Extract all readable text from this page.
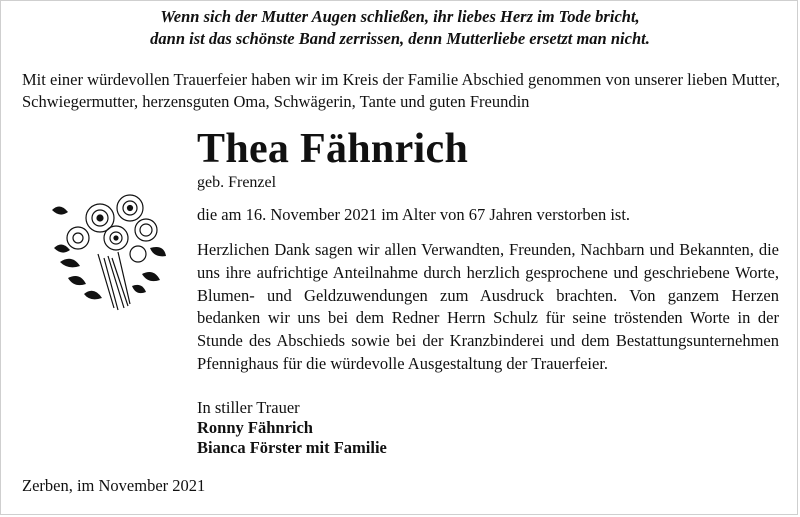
Wenn sich der Mutter Augen schließen, ihr liebes Herz im Tode bricht,
dann ist das schönste Band zerrissen, denn Mutterliebe ersetzt man nicht.
Mit einer würdevollen Trauerfeier haben wir im Kreis der Familie Abschied genommen von unserer lieben Mutter, Schwiegermutter, herzensguten Oma, Schwägerin, Tante und guten Freundin
Thea Fähnrich
geb. Frenzel
die am 16. November 2021 im Alter von 67 Jahren verstorben ist.
Herzlichen Dank sagen wir allen Verwandten, Freunden, Nachbarn und Bekannten, die uns ihre aufrichtige Anteilnahme durch herzlich gesprochene und geschriebene Worte, Blumen- und Geldzuwendungen zum Ausdruck brachten. Von ganzem Herzen bedanken wir uns bei dem Redner Herrn Schulz für seine tröstenden Worte in der Stunde des Abschieds sowie bei der Kranzbinderei und dem Bestattungsunternehmen Pfennighaus für die würdevolle Ausgestaltung der Trauerfeier.
In stiller Trauer
Ronny Fähnrich
Bianca Förster mit Familie
Zerben, im November 2021
